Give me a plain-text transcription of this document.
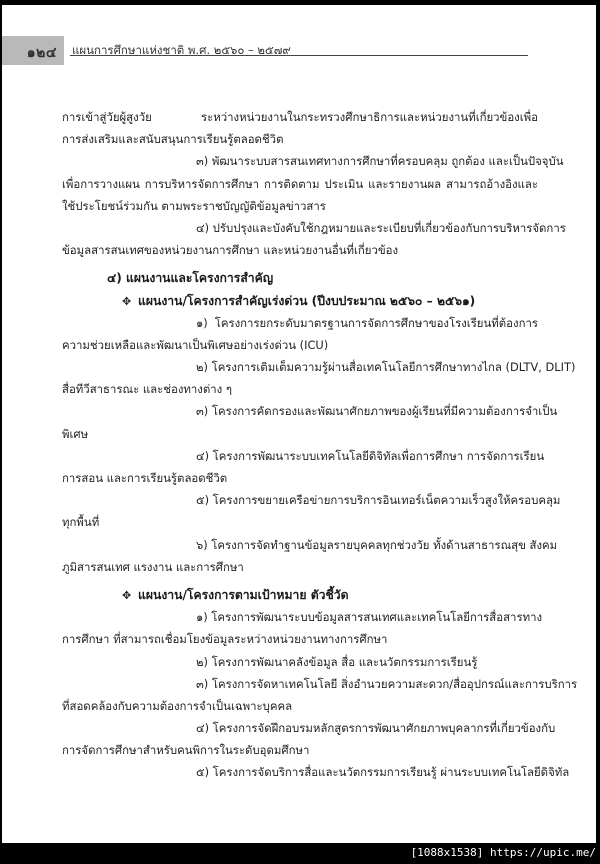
๑๒๔ แผนการศึกษาแห่งชาติ พ.ศ. ๒๕๖๐ – ๒๕๗๙
การเข้าสู่วัยผู้สูงวัย ระหว่างหน่วยงานในกระทรวงศึกษาธิการและหน่วยงานที่เกี่ยวข้องเพื่อ
การส่งเสริมและสนับสนุนการเรียนรู้ตลอดชีวิต
๓) พัฒนาระบบสารสนเทศทางการศึกษาที่ครอบคลุม ถูกต้อง และเป็นปัจจุบัน
เพื่อการวางแผน การบริหารจัดการศึกษา การติดตาม ประเมิน และรายงานผล สามารถอ้างอิงและ
ใช้ประโยชน์ร่วมกัน ตามพระราชบัญญัติข้อมูลข่าวสาร
๔) ปรับปรุงและบังคับใช้กฎหมายและระเบียบที่เกี่ยวข้องกับการบริหารจัดการ
ข้อมูลสารสนเทศของหน่วยงานการศึกษา และหน่วยงานอื่นที่เกี่ยวข้อง
๔) แผนงานและโครงการสำคัญ
✥ แผนงาน/โครงการสำคัญเร่งด่วน (ปีงบประมาณ ๒๕๖๐ – ๒๕๖๑)
๑) โครงการยกระดับมาตรฐานการจัดการศึกษาของโรงเรียนที่ต้องการ
ความช่วยเหลือและพัฒนาเป็นพิเศษอย่างเร่งด่วน (ICU)
๒) โครงการเติมเต็มความรู้ผ่านสื่อเทคโนโลยีการศึกษาทางไกล (DLTV, DLIT)
สื่อทีวีสาธารณะ และช่องทางต่าง ๆ
๓) โครงการคัดกรองและพัฒนาศักยภาพของผู้เรียนที่มีความต้องการจำเป็น
พิเศษ
๔) โครงการพัฒนาระบบเทคโนโลยีดิจิทัลเพื่อการศึกษา การจัดการเรียน
การสอน และการเรียนรู้ตลอดชีวิต
๕) โครงการขยายเครือข่ายการบริการอินเทอร์เน็ตความเร็วสูงให้ครอบคลุม
ทุกพื้นที่
๖) โครงการจัดทำฐานข้อมูลรายบุคคลทุกช่วงวัย ทั้งด้านสาธารณสุข สังคม
ภูมิสารสนเทศ แรงงาน และการศึกษา
✥ แผนงาน/โครงการตามเป้าหมาย ตัวชี้วัด
๑) โครงการพัฒนาระบบข้อมูลสารสนเทศและเทคโนโลยีการสื่อสารทาง
การศึกษา ที่สามารถเชื่อมโยงข้อมูลระหว่างหน่วยงานทางการศึกษา
๒) โครงการพัฒนาคลังข้อมูล สื่อ และนวัตกรรมการเรียนรู้
๓) โครงการจัดหาเทคโนโลยี สิ่งอำนวยความสะดวก/สื่ออุปกรณ์และการบริการ
ที่สอดคล้องกับความต้องการจำเป็นเฉพาะบุคคล
๔) โครงการจัดฝึกอบรมหลักสูตรการพัฒนาศักยภาพบุคลากรที่เกี่ยวข้องกับ
การจัดการศึกษาสำหรับคนพิการในระดับอุดมศึกษา
๕) โครงการจัดบริการสื่อและนวัตกรรมการเรียนรู้ ผ่านระบบเทคโนโลยีดิจิทัล
[1088x1538] https://upic.me/
